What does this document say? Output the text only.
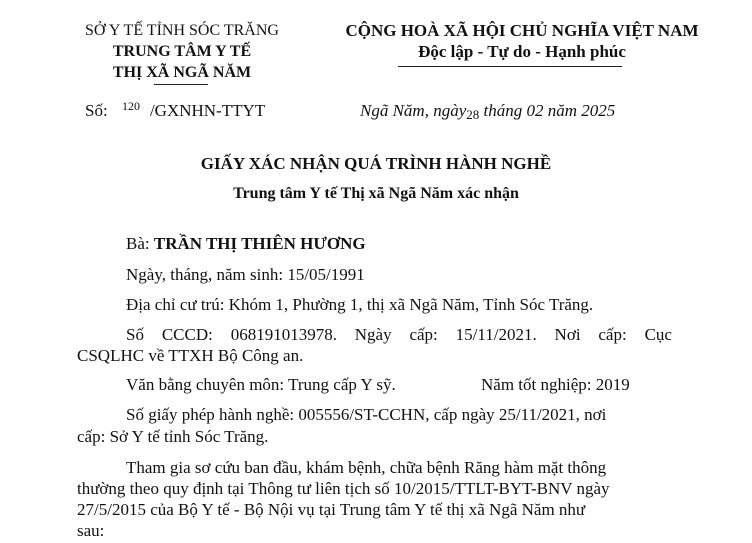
SỞ Y TẾ TỈNH SÓC TRĂNG
TRUNG TÂM Y TẾ
THỊ XÃ NGÃ NĂM
CỘNG HOÀ XÃ HỘI CHỦ NGHĨA VIỆT NAM
Độc lập - Tự do - Hạnh phúc
Số: $^{120}$ /GXNHN-TTYT	Ngã Năm, ngày28 tháng 02 năm 2025
GIẤY XÁC NHẬN QUÁ TRÌNH HÀNH NGHỀ
Trung tâm Y tế Thị xã Ngã Năm xác nhận
Bà: TRẦN THỊ THIÊN HƯƠNG
Ngày, tháng, năm sinh: 15/05/1991
Địa chỉ cư trú: Khóm 1, Phường 1, thị xã Ngã Năm, Tỉnh Sóc Trăng.
Số CCCD: 068191013978. Ngày cấp: 15/11/2021. Nơi cấp: Cục
CSQLHC về TTXH Bộ Công an.
Văn bằng chuyên môn: Trung cấp Y sỹ.	Năm tốt nghiệp: 2019
Số giấy phép hành nghề: 005556/ST-CCHN, cấp ngày 25/11/2021, nơi
cấp: Sở Y tế tỉnh Sóc Trăng.
Tham gia sơ cứu ban đầu, khám bệnh, chữa bệnh Răng hàm mặt thông
thường theo quy định tại Thông tư liên tịch số 10/2015/TTLT-BYT-BNV ngày
27/5/2015 của Bộ Y tế - Bộ Nội vụ tại Trung tâm Y tế thị xã Ngã Năm như
sau:
